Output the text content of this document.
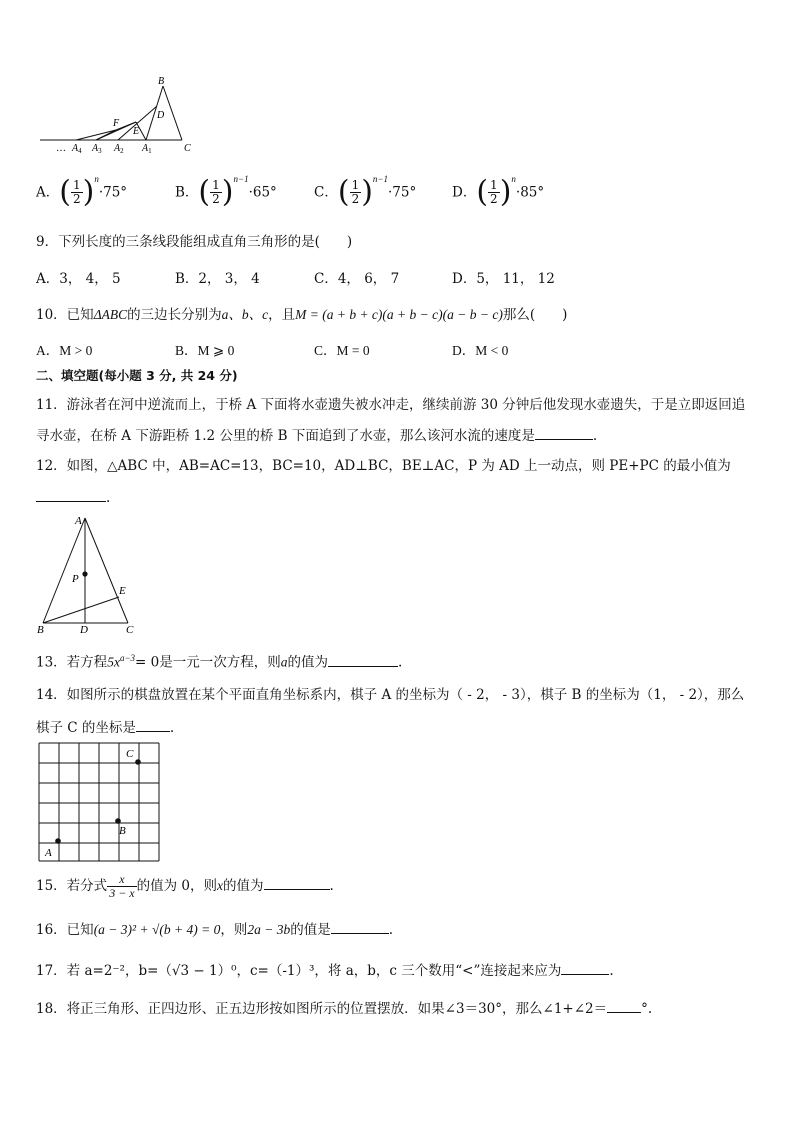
B
D
F
E
C
… $A_4$ $A_3$ $A_2$ $A_1$
A．( $\frac{1}{2} )^n\cdot 75^\circ$	B．( $\frac{1}{2} )^{n-1}\cdot 65^\circ$	C．( $\frac{1}{2} )^{n-1}\cdot 75^\circ$	D．( $\frac{1}{2} )^n\cdot 85^\circ$
9．下列长度的三条线段能组成直角三角形的是(　　)
A．3， 4， 5	B．2， 3， 4	C．4， 6， 7	D．5， 11， 12
10．已知ΔABC的三边长分别为a、b、c，且M = (a + b + c)(a + b − c)(a − b − c)那么(　　)
A．M > 0	B．M ⩾ 0	C．M = 0	D．M < 0
二、填空题(每小题 3 分, 共 24 分)
11．游泳者在河中逆流而上，于桥 A 下面将水壶遗失被水冲走，继续前游 30 分钟后他发现水壶遗失，于是立即返回追
寻水壶，在桥 A 下游距桥 1.2 公里的桥 B 下面追到了水壶，那么该河水流的速度是	.
12．如图，△ABC 中，AB=AC=13，BC=10，AD⊥BC，BE⊥AC，P 为 AD 上一动点，则 PE+PC 的最小值为
.
A
P
E
B	D	C
13．若方程$5x^{a-3}= 0$是一元一次方程，则a的值为	.
14．如图所示的棋盘放置在某个平面直角坐标系内，棋子 A 的坐标为（ - 2， - 3），棋子 B 的坐标为（1， - 2），那么
棋子 C 的坐标是	.
A
B
C
15．若分式 $\frac{x}{3 - x}$ 的值为 0，则x的值为	.
16．已知(a − 3)² + √(b + 4) = 0，则2a − 3b的值是	.
17．若 a=2⁻²，b=（√3 − 1）⁰，c=（-1）³，将 a，b，c 三个数用“<”连接起来应为	.
18．将正三角形、正四边形、正五边形按如图所示的位置摆放．如果∠3＝30°，那么∠1+∠2＝	°.
